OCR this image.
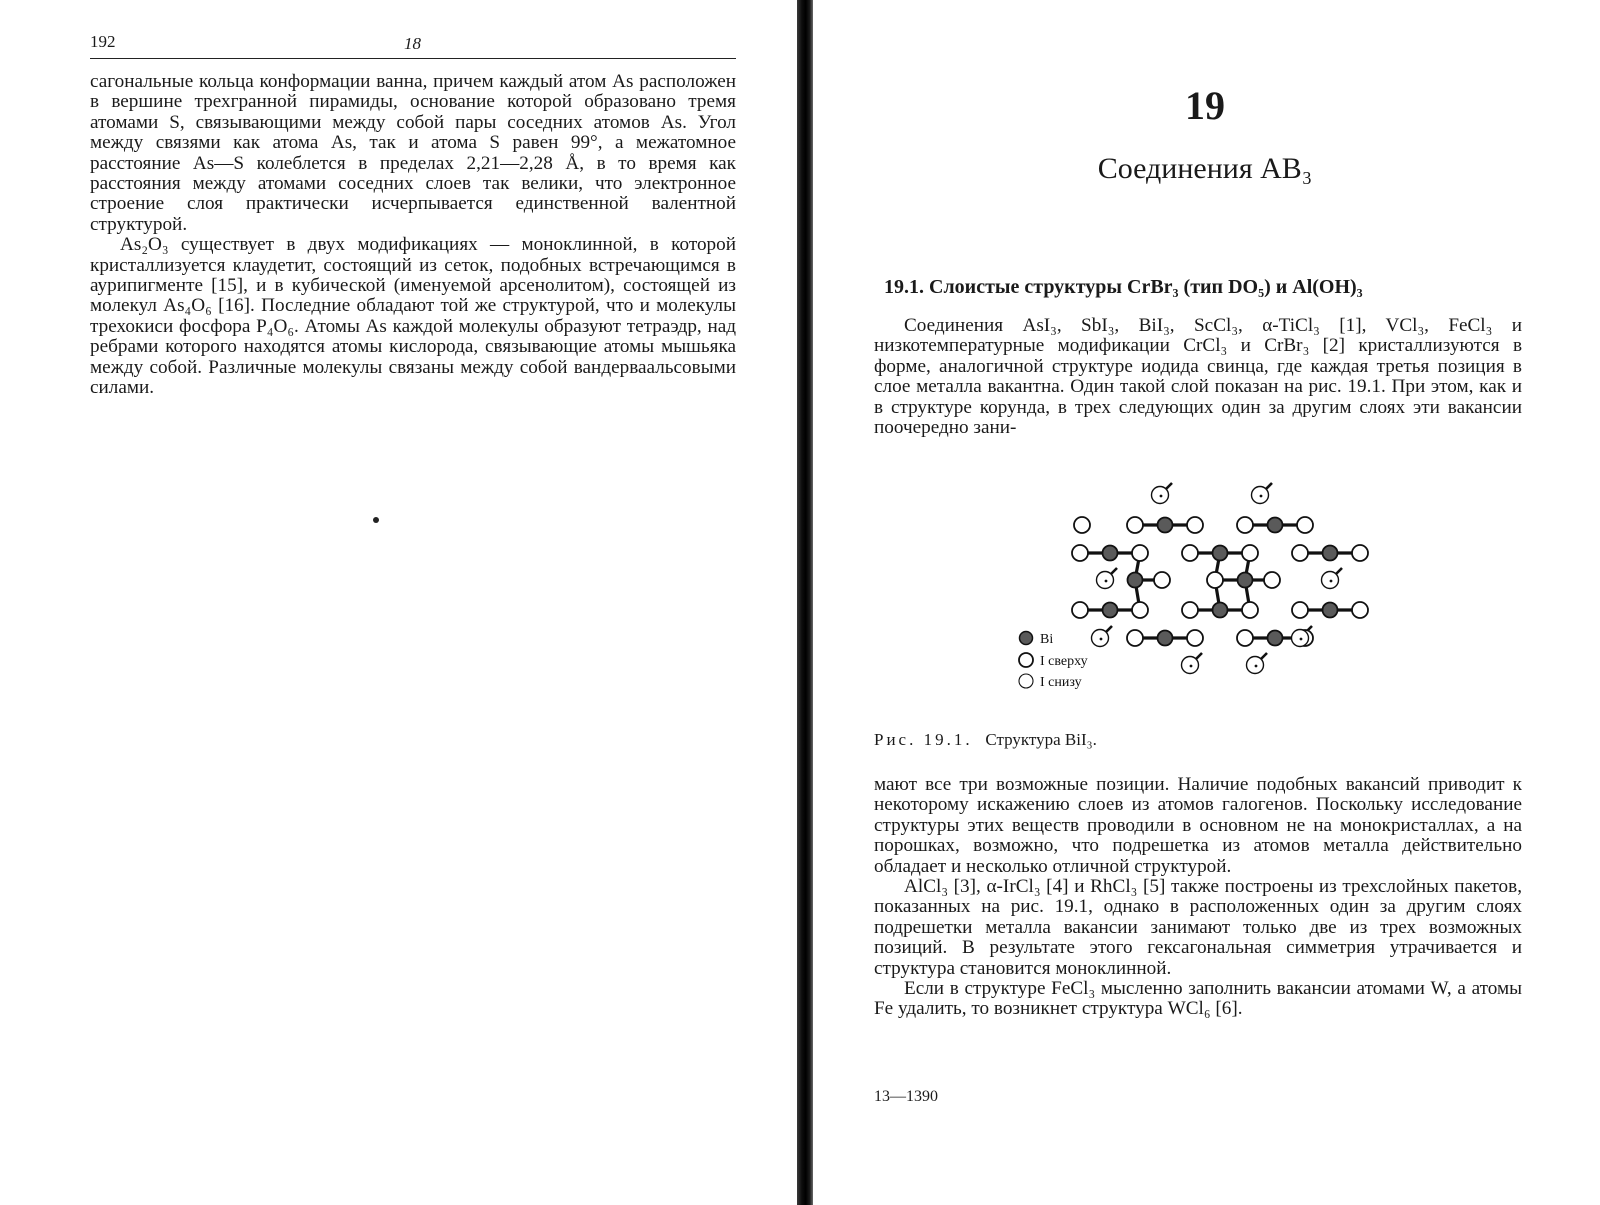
192	18

сагональные кольца конформации ванна, причем каждый атом As расположен в вершине трехгранной пирамиды, основание которой образовано тремя атомами S, связывающими между собой пары соседних атомов As. Угол между связями как атома As, так и атома S равен 99°, а межатомное расстояние As—S колеблется в пределах 2,21—2,28 Å, в то время как расстояния между атомами соседних слоев так велики, что электронное строение слоя практически исчерпывается единственной валентной структурой.

As₂O₃ существует в двух модификациях — моноклинной, в которой кристаллизуется клаудетит, состоящий из сеток, подобных встречающимся в аурипигменте [15], и в кубической (именуемой арсенолитом), состоящей из молекул As₄O₆ [16]. Последние обладают той же структурой, что и молекулы трехокиси фосфора P₄O₆. Атомы As каждой молекулы образуют тетраэдр, над ребрами которого находятся атомы кислорода, связывающие атомы мышьяка между собой. Различные молекулы связаны между собой вандерваальсовыми силами.

19
Соединения AB₃
19.1. Слоистые структуры CrBr₃ (тип DO₅) и Al(OH)₃

Соединения AsI₃, SbI₃, BiI₃, ScCl₃, α-TiCl₃ [1], VCl₃, FeCl₃ и низкотемпературные модификации CrCl₃ и CrBr₃ [2] кристаллизуются в форме, аналогичной структуре иодида свинца, где каждая третья позиция в слое металла вакантна. Один такой слой показан на рис. 19.1. При этом, как и в структуре корунда, в трех следующих один за другим слоях эти вакансии поочередно зани-

Bi
I сверху
I снизу
Рис. 19.1. Структура BiI₃.

мают все три возможные позиции. Наличие подобных вакансий приводит к некоторому искажению слоев из атомов галогенов. Поскольку исследование структуры этих веществ проводили в основном не на монокристаллах, а на порошках, возможно, что подрешетка из атомов металла действительно обладает и несколько отличной структурой.

AlCl₃ [3], α-IrCl₃ [4] и RhCl₃ [5] также построены из трехслойных пакетов, показанных на рис. 19.1, однако в расположенных один за другим слоях подрешетки металла вакансии занимают только две из трех возможных позиций. В результате этого гексагональная симметрия утрачивается и структура становится моноклинной.

Если в структуре FeCl₃ мысленно заполнить вакансии атомами W, а атомы Fe удалить, то возникнет структура WCl₆ [6].

13—1390
